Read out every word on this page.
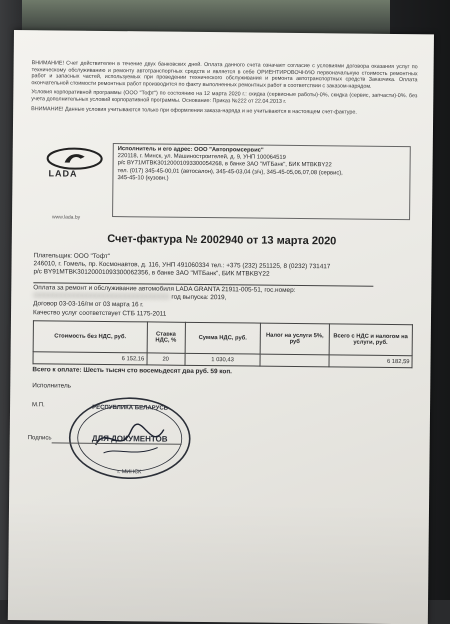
ВНИМАНИЕ! Счет действителен в течение двух банковских дней. Оплата данного счета означает согласие с условиями договора оказания услуг по техническому обслуживанию и ремонту автотранспортных средств и является в себе ОРИЕНТИРОВОЧНУЮ первоначальную стоимость ремонтных работ и запасных частей, используемых при проведении технического обслуживания и ремонта автотранспортных средств Заказчика. Оплата окончательной стоимости ремонтных работ производится по факту выполненных ремонтных работ в соответствии с заказом-нарядом.

Условия корпоративной программы (ООО "Тофт") по состоянию на 12 марта 2020 г.: скидка (сервисные работы)-0%, скидка (сервис, запчасти)-0%. без учета дополнительных условий корпоративной программы. Основание: Приказ №222 от 22.04.2013 г.

ВНИМАНИЕ! Данные условия учитываются только при оформлении заказа-наряда и не учитываются в настоящем счет-фактуре.

LADA
www.lada.by
Исполнитель и его адрес: ООО "Автопромсервис"
220118, г. Минск, ул. Машиностроителей, д. 9, УНП 100064519
р/с BY71MTBK30120001093300054268, в банке ЗАО "МТБанк", БИК MTBKBY22
тел. (017) 345-45-00,01 (автосалон), 345-45-03,04 (з/ч), 345-45-05,06,07,08 (сервис),
345-45-10 (кузовн.)
Счет-фактура № 2002940 от 13 марта 2020
Плательщик: ООО "Тофт"
246010, г. Гомель, пр. Космонавтов, д. 116, УНП 491060334 тел.: +375 (232) 251125, 8 (0232) 731417
р/с BY91MTBK30120001093300062356, в банке ЗАО "МТБанк", БИК MTBKBY22
Оплата за ремонт и обслуживание автомобиля LADA GRANTA 21911-005-51, гос.номер:
XXXXXXXXXXXXXXXXXXXXXXXXXXXXXXXX год выпуска: 2019,
Договор 03-03-16/гм от 03 марта 16 г.
Качество услуг соответствует СТБ 1175-2011
Стоимость без НДС, руб.	Ставка НДС, %	Сумма НДС, руб.	Налог на услуги 5%, руб	Всего с НДС и налогом на услуги, руб.
6 152,16	20	1 030,43		6 182,59
Всего к оплате: Шесть тысяч сто восемьдесят два руб. 59 коп.
Исполнитель
М.П.	РЕСПУБЛИКА БЕЛАРУСЬ
ДЛЯ ДОКУМЕНТОВ
г. МИНСК
Подпись
